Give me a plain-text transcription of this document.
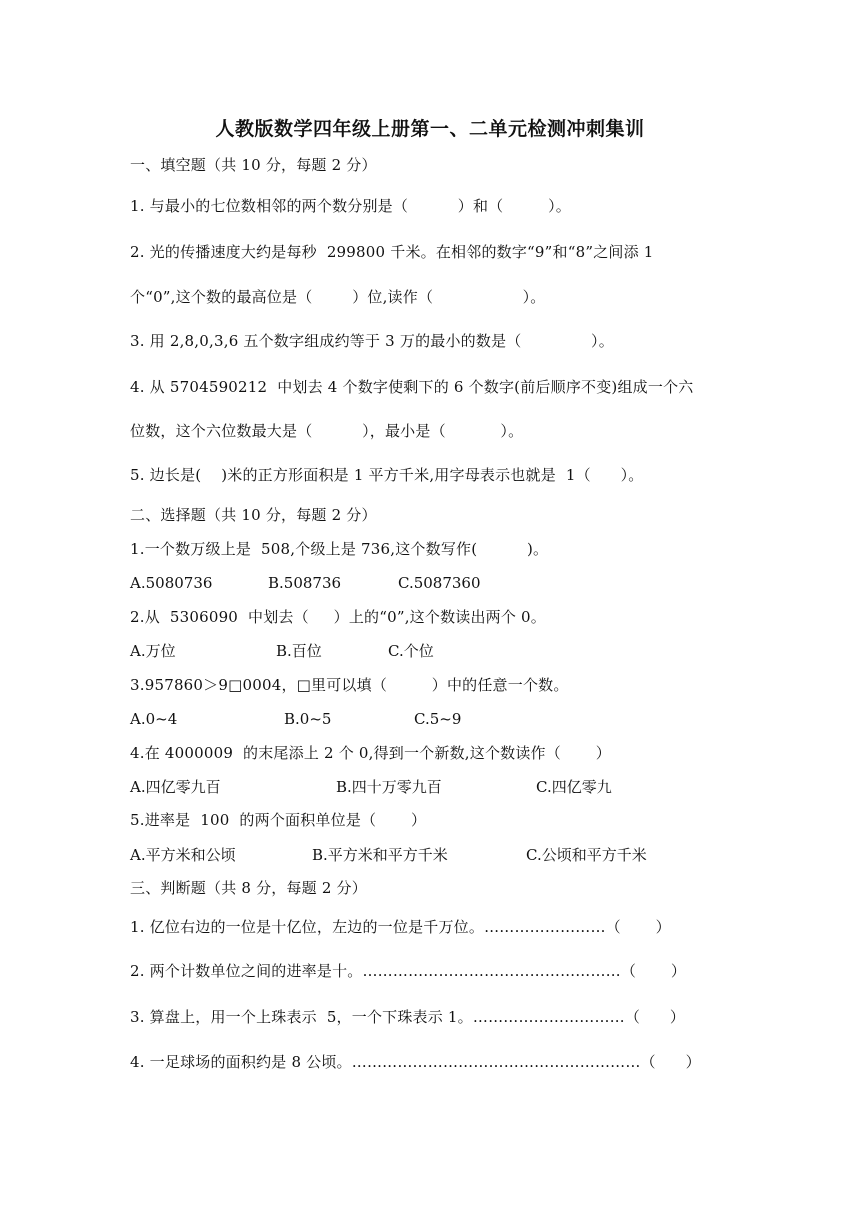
人教版数学四年级上册第一、二单元检测冲刺集训
一、填空题（共 10 分，每题 2 分）
1. 与最小的七位数相邻的两个数分别是（          ）和（         ）。
2. 光的传播速度大约是每秒  299800 千米。在相邻的数字“9”和“8”之间添 1
个“0”,这个数的最高位是（        ）位,读作（                  ）。
3. 用 2,8,0,3,6 五个数字组成约等于 3 万的最小的数是（              ）。
4. 从 5704590212  中划去 4 个数字使剩下的 6 个数字(前后顺序不变)组成一个六
位数，这个六位数最大是（          ），最小是（           ）。
5. 边长是(    )米的正方形面积是 1 平方千米,用字母表示也就是  1（      ）。
二、选择题（共 10 分，每题 2 分）
1.一个数万级上是  508,个级上是 736,这个数写作(          )。

A.5080736

	B.508736

	C.5087360

2.从  5306090  中划去（     ）上的“0”,这个数读出两个 0。

A.万位

	B.百位

	C.个位

3.957860＞9□0004，□里可以填（         ）中的任意一个数。

A.0~4

	B.0~5

	C.5~9

4.在 4000009  的末尾添上 2 个 0,得到一个新数,这个数读作（       ）

A.四亿零九百

	B.四十万零九百

	C.四亿零九

5.进率是  100  的两个面积单位是（       ）

A.平方米和公顷

	B.平方米和平方千米

	C.公顷和平方千米

三、判断题（共 8 分，每题 2 分）
1. 亿位右边的一位是十亿位，左边的一位是千万位。……………………（       ）
2. 两个计数单位之间的进率是十。……………………………………………（       ）
3. 算盘上，用一个上珠表示  5，一个下珠表示 1。…………………………（      ）
4. 一足球场的面积约是 8 公顷。…………………………………………………（      ）
